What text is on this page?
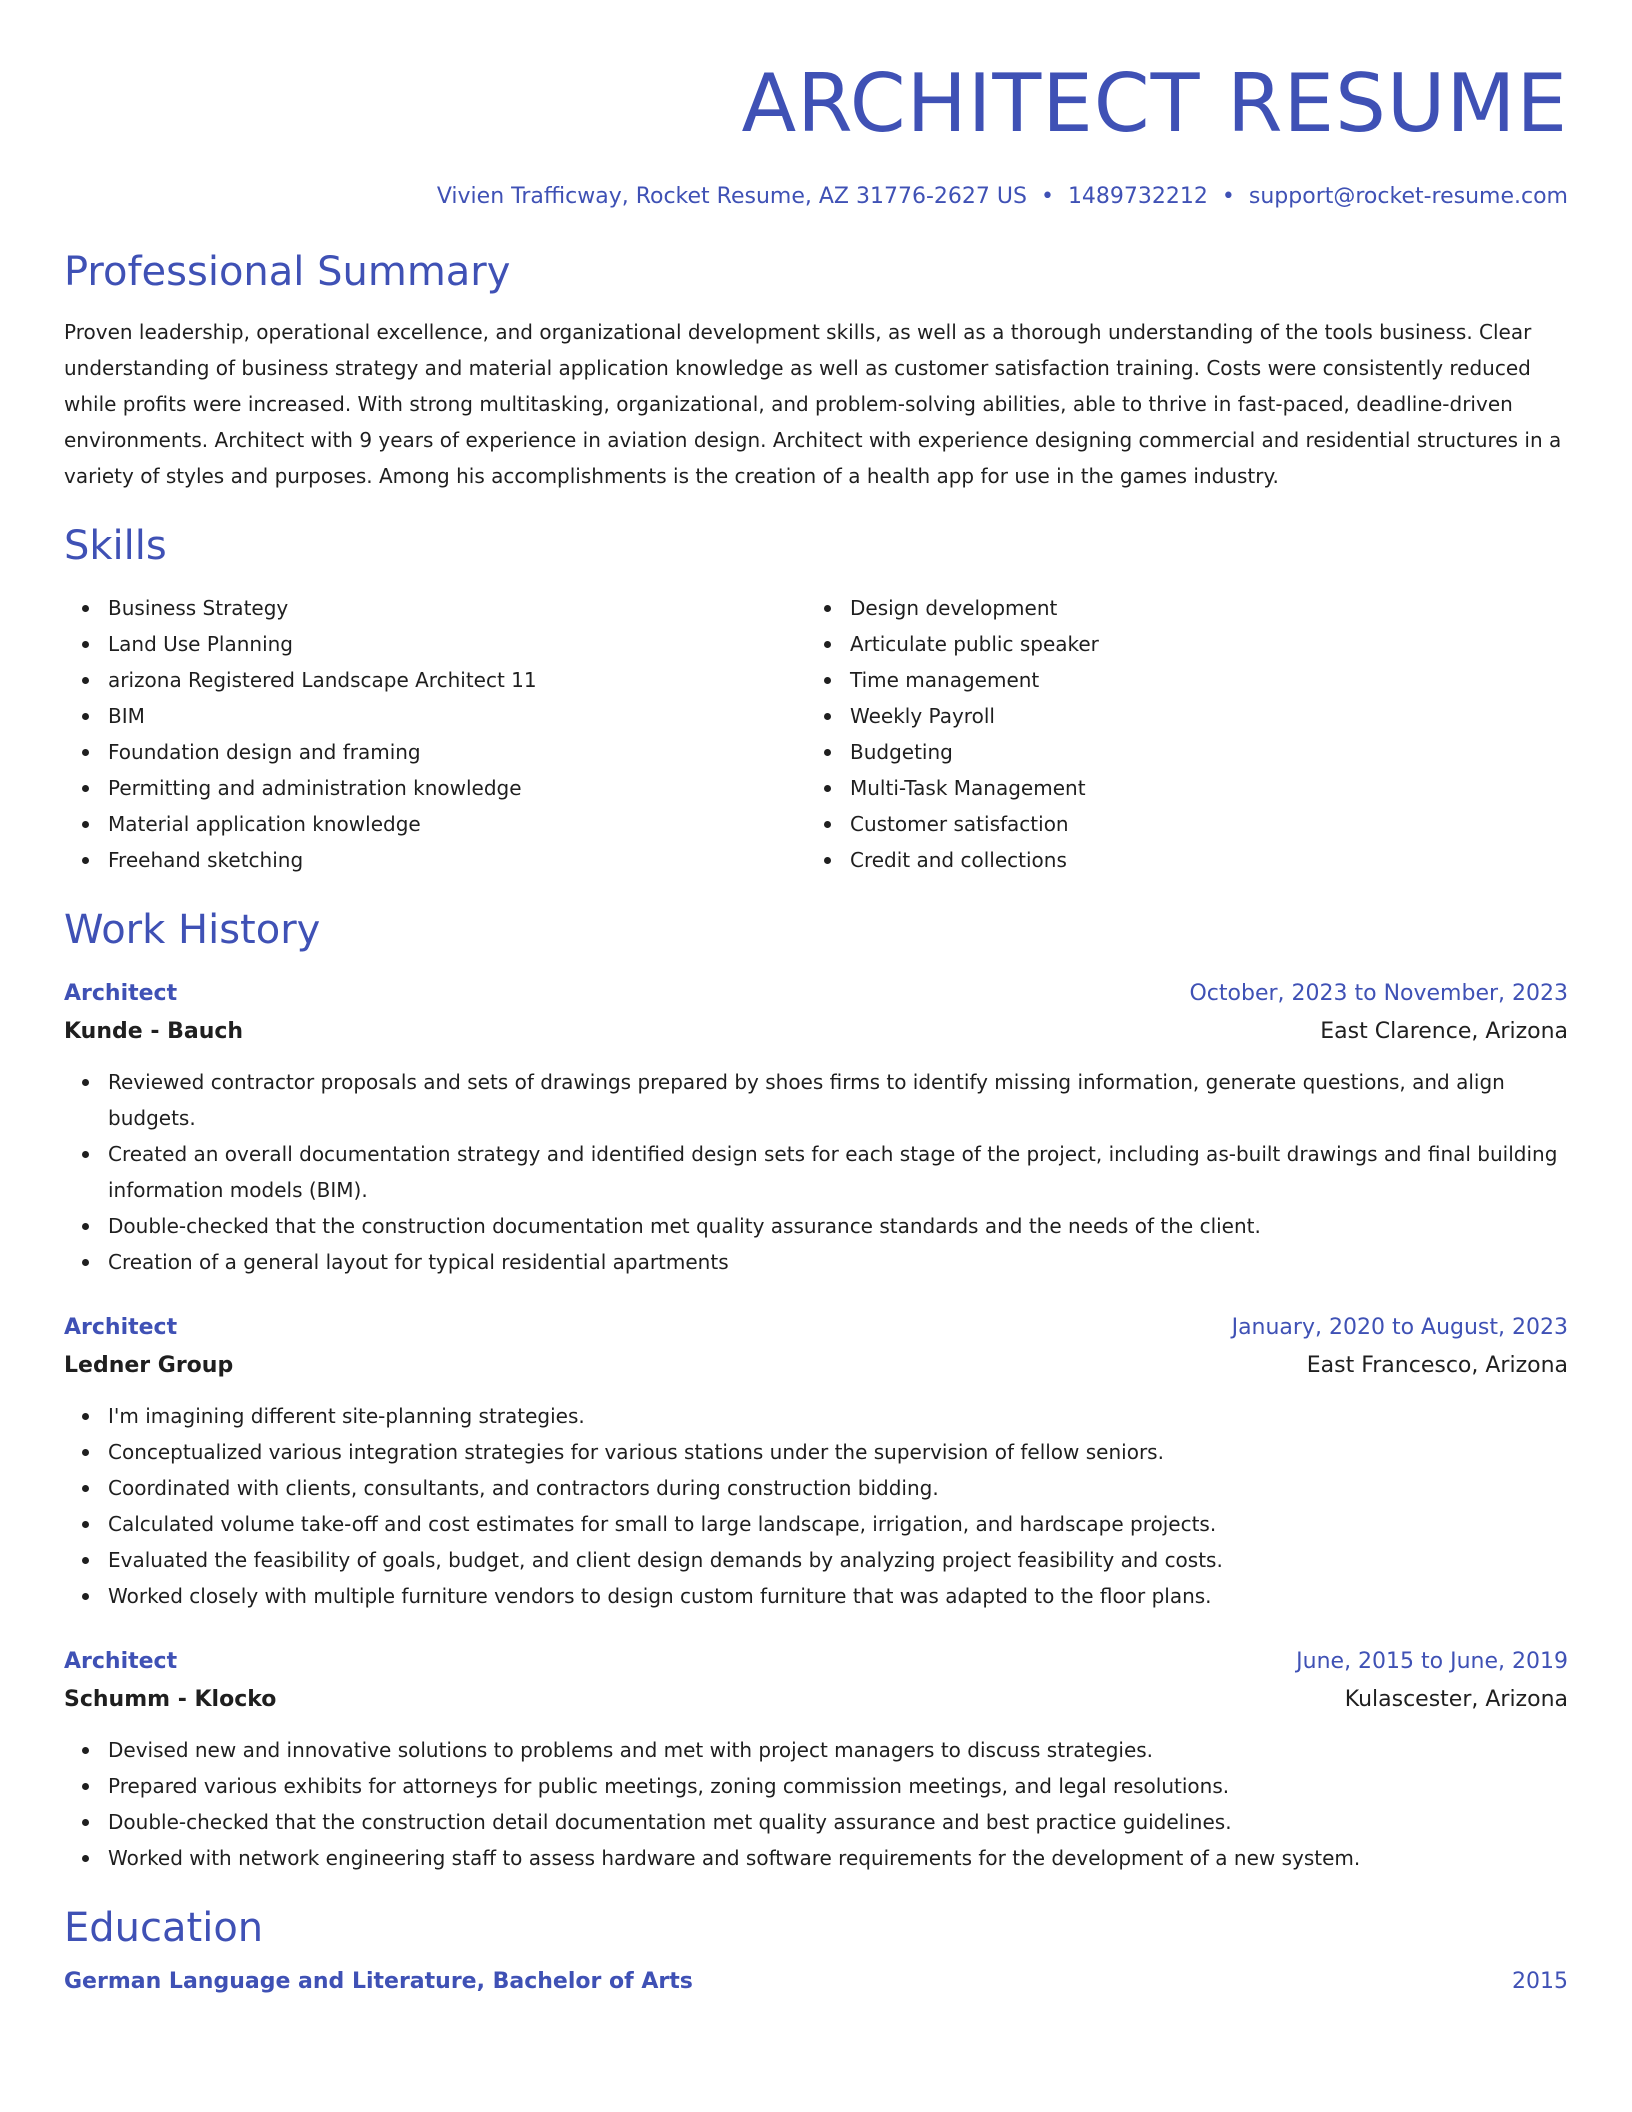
ARCHITECT RESUME
Vivien Trafficway, Rocket Resume, AZ 31776-2627 US • 1489732212 • support@rocket-resume.com
Professional Summary

Proven leadership, operational excellence, and organizational development skills, as well as a thorough understanding of the tools business. Clear understanding of business strategy and material application knowledge as well as customer satisfaction training. Costs were consistently reduced while profits were increased. With strong multitasking, organizational, and problem-solving abilities, able to thrive in fast-paced, deadline-driven environments. Architect with 9 years of experience in aviation design. Architect with experience designing commercial and residential structures in a variety of styles and purposes. Among his accomplishments is the creation of a health app for use in the games industry.

Skills
Business Strategy
Land Use Planning
arizona Registered Landscape Architect 11
BIM
Foundation design and framing
Permitting and administration knowledge
Material application knowledge
Freehand sketching
Design development
Articulate public speaker
Time management
Weekly Payroll
Budgeting
Multi-Task Management
Customer satisfaction
Credit and collections
Work History
Architect	October, 2023 to November, 2023
Kunde - Bauch	East Clarence, Arizona
Reviewed contractor proposals and sets of drawings prepared by shoes firms to identify missing information, generate questions, and align budgets.
Created an overall documentation strategy and identified design sets for each stage of the project, including as-built drawings and final building information models (BIM).
Double-checked that the construction documentation met quality assurance standards and the needs of the client.
Creation of a general layout for typical residential apartments
Architect	January, 2020 to August, 2023
Ledner Group	East Francesco, Arizona
I'm imagining different site-planning strategies.
Conceptualized various integration strategies for various stations under the supervision of fellow seniors.
Coordinated with clients, consultants, and contractors during construction bidding.
Calculated volume take-off and cost estimates for small to large landscape, irrigation, and hardscape projects.
Evaluated the feasibility of goals, budget, and client design demands by analyzing project feasibility and costs.
Worked closely with multiple furniture vendors to design custom furniture that was adapted to the floor plans.
Architect	June, 2015 to June, 2019
Schumm - Klocko	Kulascester, Arizona
Devised new and innovative solutions to problems and met with project managers to discuss strategies.
Prepared various exhibits for attorneys for public meetings, zoning commission meetings, and legal resolutions.
Double-checked that the construction detail documentation met quality assurance and best practice guidelines.
Worked with network engineering staff to assess hardware and software requirements for the development of a new system.
Education
German Language and Literature, Bachelor of Arts	2015
